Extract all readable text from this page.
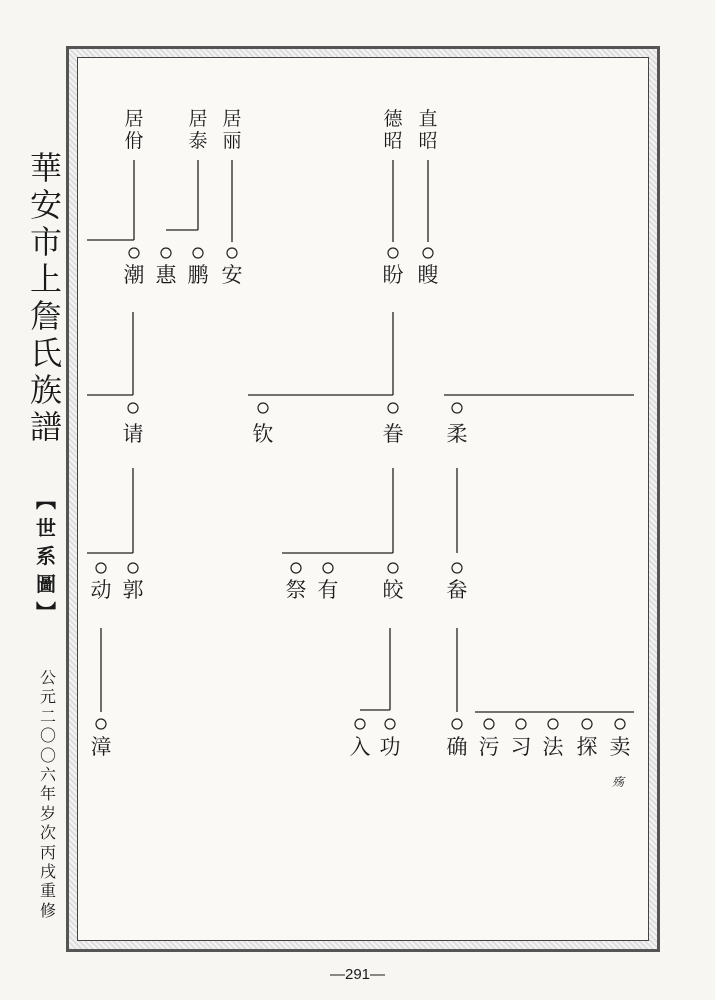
華
安
市
上
詹
氏
族
譜
︻
世
系
圖
︼
公
元
二
〇
〇
六
年
岁
次
丙
戌
重
修
居
佾
居
泰
居
丽
德
昭
直
昭
潮 惠 鹏 安	盼 瞍
请	钦	眷 柔
动 郭	祭 有 皎 畚
漳	入 功 确 污 习 法 探 卖
殇
—291—
